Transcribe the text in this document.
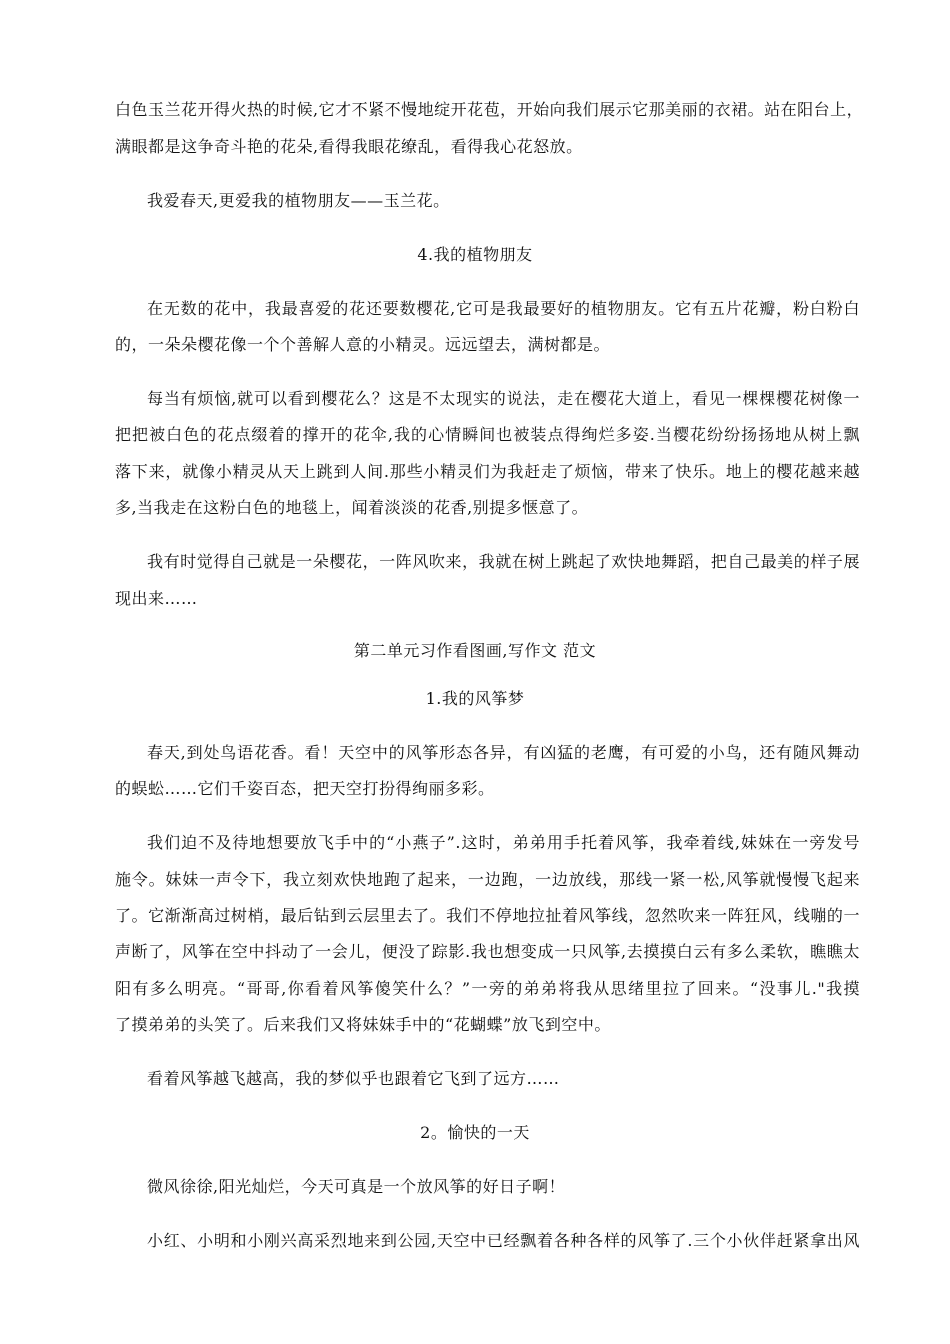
白色玉兰花开得火热的时候,它才不紧不慢地绽开花苞，开始向我们展示它那美丽的衣裙。站在阳台上，
满眼都是这争奇斗艳的花朵,看得我眼花缭乱，看得我心花怒放。
我爱春天,更爱我的植物朋友——玉兰花。
4.我的植物朋友
在无数的花中，我最喜爱的花还要数樱花,它可是我最要好的植物朋友。它有五片花瓣，粉白粉白
的，一朵朵樱花像一个个善解人意的小精灵。远远望去，满树都是。
每当有烦恼,就可以看到樱花么？这是不太现实的说法，走在樱花大道上，看见一棵棵樱花树像一
把把被白色的花点缀着的撑开的花伞,我的心情瞬间也被装点得绚烂多姿.当樱花纷纷扬扬地从树上飘
落下来，就像小精灵从天上跳到人间.那些小精灵们为我赶走了烦恼，带来了快乐。地上的樱花越来越
多,当我走在这粉白色的地毯上，闻着淡淡的花香,别提多惬意了。
我有时觉得自己就是一朵樱花，一阵风吹来，我就在树上跳起了欢快地舞蹈，把自己最美的样子展
现出来……
第二单元习作看图画,写作文 范文
1.我的风筝梦
春天,到处鸟语花香。看！天空中的风筝形态各异，有凶猛的老鹰，有可爱的小鸟，还有随风舞动
的蜈蚣……它们千姿百态，把天空打扮得绚丽多彩。
我们迫不及待地想要放飞手中的“小燕子”.这时，弟弟用手托着风筝，我牵着线,妹妹在一旁发号
施令。妹妹一声令下，我立刻欢快地跑了起来，一边跑，一边放线，那线一紧一松,风筝就慢慢飞起来
了。它渐渐高过树梢，最后钻到云层里去了。我们不停地拉扯着风筝线，忽然吹来一阵狂风，线嘣的一
声断了，风筝在空中抖动了一会儿，便没了踪影.我也想变成一只风筝,去摸摸白云有多么柔软，瞧瞧太
阳有多么明亮。“哥哥,你看着风筝傻笑什么？”一旁的弟弟将我从思绪里拉了回来。“没事儿."我摸
了摸弟弟的头笑了。后来我们又将妹妹手中的“花蝴蝶”放飞到空中。
看着风筝越飞越高，我的梦似乎也跟着它飞到了远方……
2。愉快的一天
微风徐徐,阳光灿烂，今天可真是一个放风筝的好日子啊！
小红、小明和小刚兴高采烈地来到公园,天空中已经飘着各种各样的风筝了.三个小伙伴赶紧拿出风
